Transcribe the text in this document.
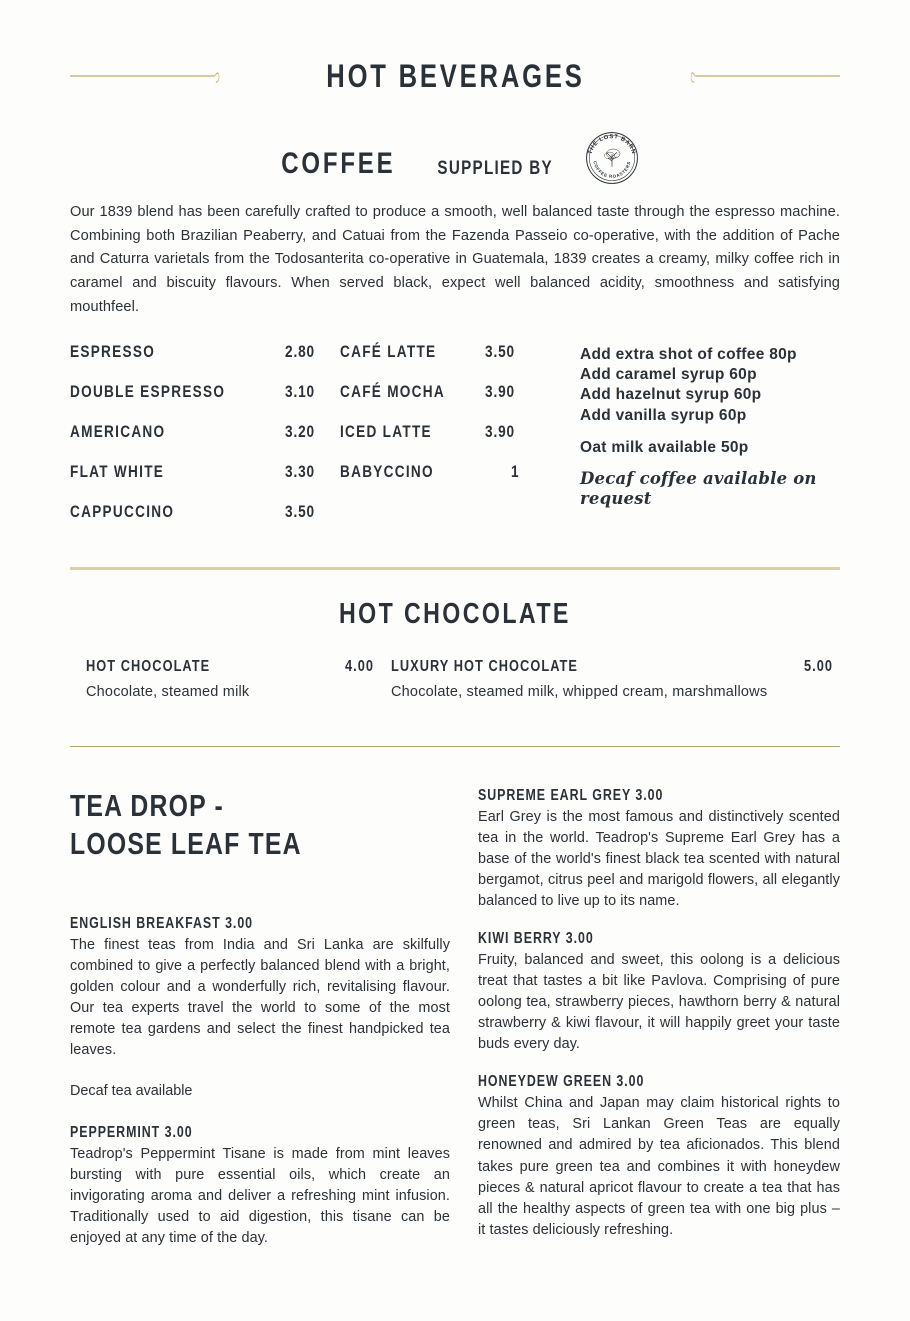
HOT BEVERAGES
COFFEE	SUPPLIED BY
THE LOST BARN
COFFEE ROASTERS

Our 1839 blend has been carefully crafted to produce a smooth, well balanced taste through the espresso machine. Combining both Brazilian Peaberry, and Catuai from the Fazenda Passeio co-operative, with the addition of Pache and Caturra varietals from the Todosanterita co-operative in Guatemala, 1839 creates a creamy, milky coffee rich in caramel and biscuity flavours. When served black, expect well balanced acidity, smoothness and satisfying mouthfeel.

ESPRESSO	2.80
DOUBLE ESPRESSO	3.10
AMERICANO	3.20
FLAT WHITE	3.30
CAPPUCCINO	3.50
CAFÉ LATTE	3.50
CAFÉ MOCHA	3.90
ICED LATTE	3.90
BABYCCINO	1
Add extra shot of coffee 80p
Add caramel syrup 60p
Add hazelnut syrup 60p
Add vanilla syrup 60p
Oat milk available 50p
Decaf coffee available on request
HOT CHOCOLATE
HOT CHOCOLATE	4.00
Chocolate, steamed milk
LUXURY HOT CHOCOLATE	5.00
Chocolate, steamed milk, whipped cream, marshmallows
TEA DROP -
LOOSE LEAF TEA
ENGLISH BREAKFAST 3.00
The finest teas from India and Sri Lanka are skilfully combined to give a perfectly balanced blend with a bright, golden colour and a wonderfully rich, revitalising flavour. Our tea experts travel the world to some of the most remote tea gardens and select the finest handpicked tea leaves.
Decaf tea available
PEPPERMINT 3.00
Teadrop's Peppermint Tisane is made from mint leaves bursting with pure essential oils, which create an invigorating aroma and deliver a refreshing mint infusion. Traditionally used to aid digestion, this tisane can be enjoyed at any time of the day.
SUPREME EARL GREY 3.00
Earl Grey is the most famous and distinctively scented tea in the world. Teadrop's Supreme Earl Grey has a base of the world's finest black tea scented with natural bergamot, citrus peel and marigold flowers, all elegantly balanced to live up to its name.
KIWI BERRY 3.00
Fruity, balanced and sweet, this oolong is a delicious treat that tastes a bit like Pavlova. Comprising of pure oolong tea, strawberry pieces, hawthorn berry & natural strawberry & kiwi flavour, it will happily greet your taste buds every day.
HONEYDEW GREEN 3.00
Whilst China and Japan may claim historical rights to green teas, Sri Lankan Green Teas are equally renowned and admired by tea aficionados. This blend takes pure green tea and combines it with honeydew pieces & natural apricot flavour to create a tea that has all the healthy aspects of green tea with one big plus – it tastes deliciously refreshing.
